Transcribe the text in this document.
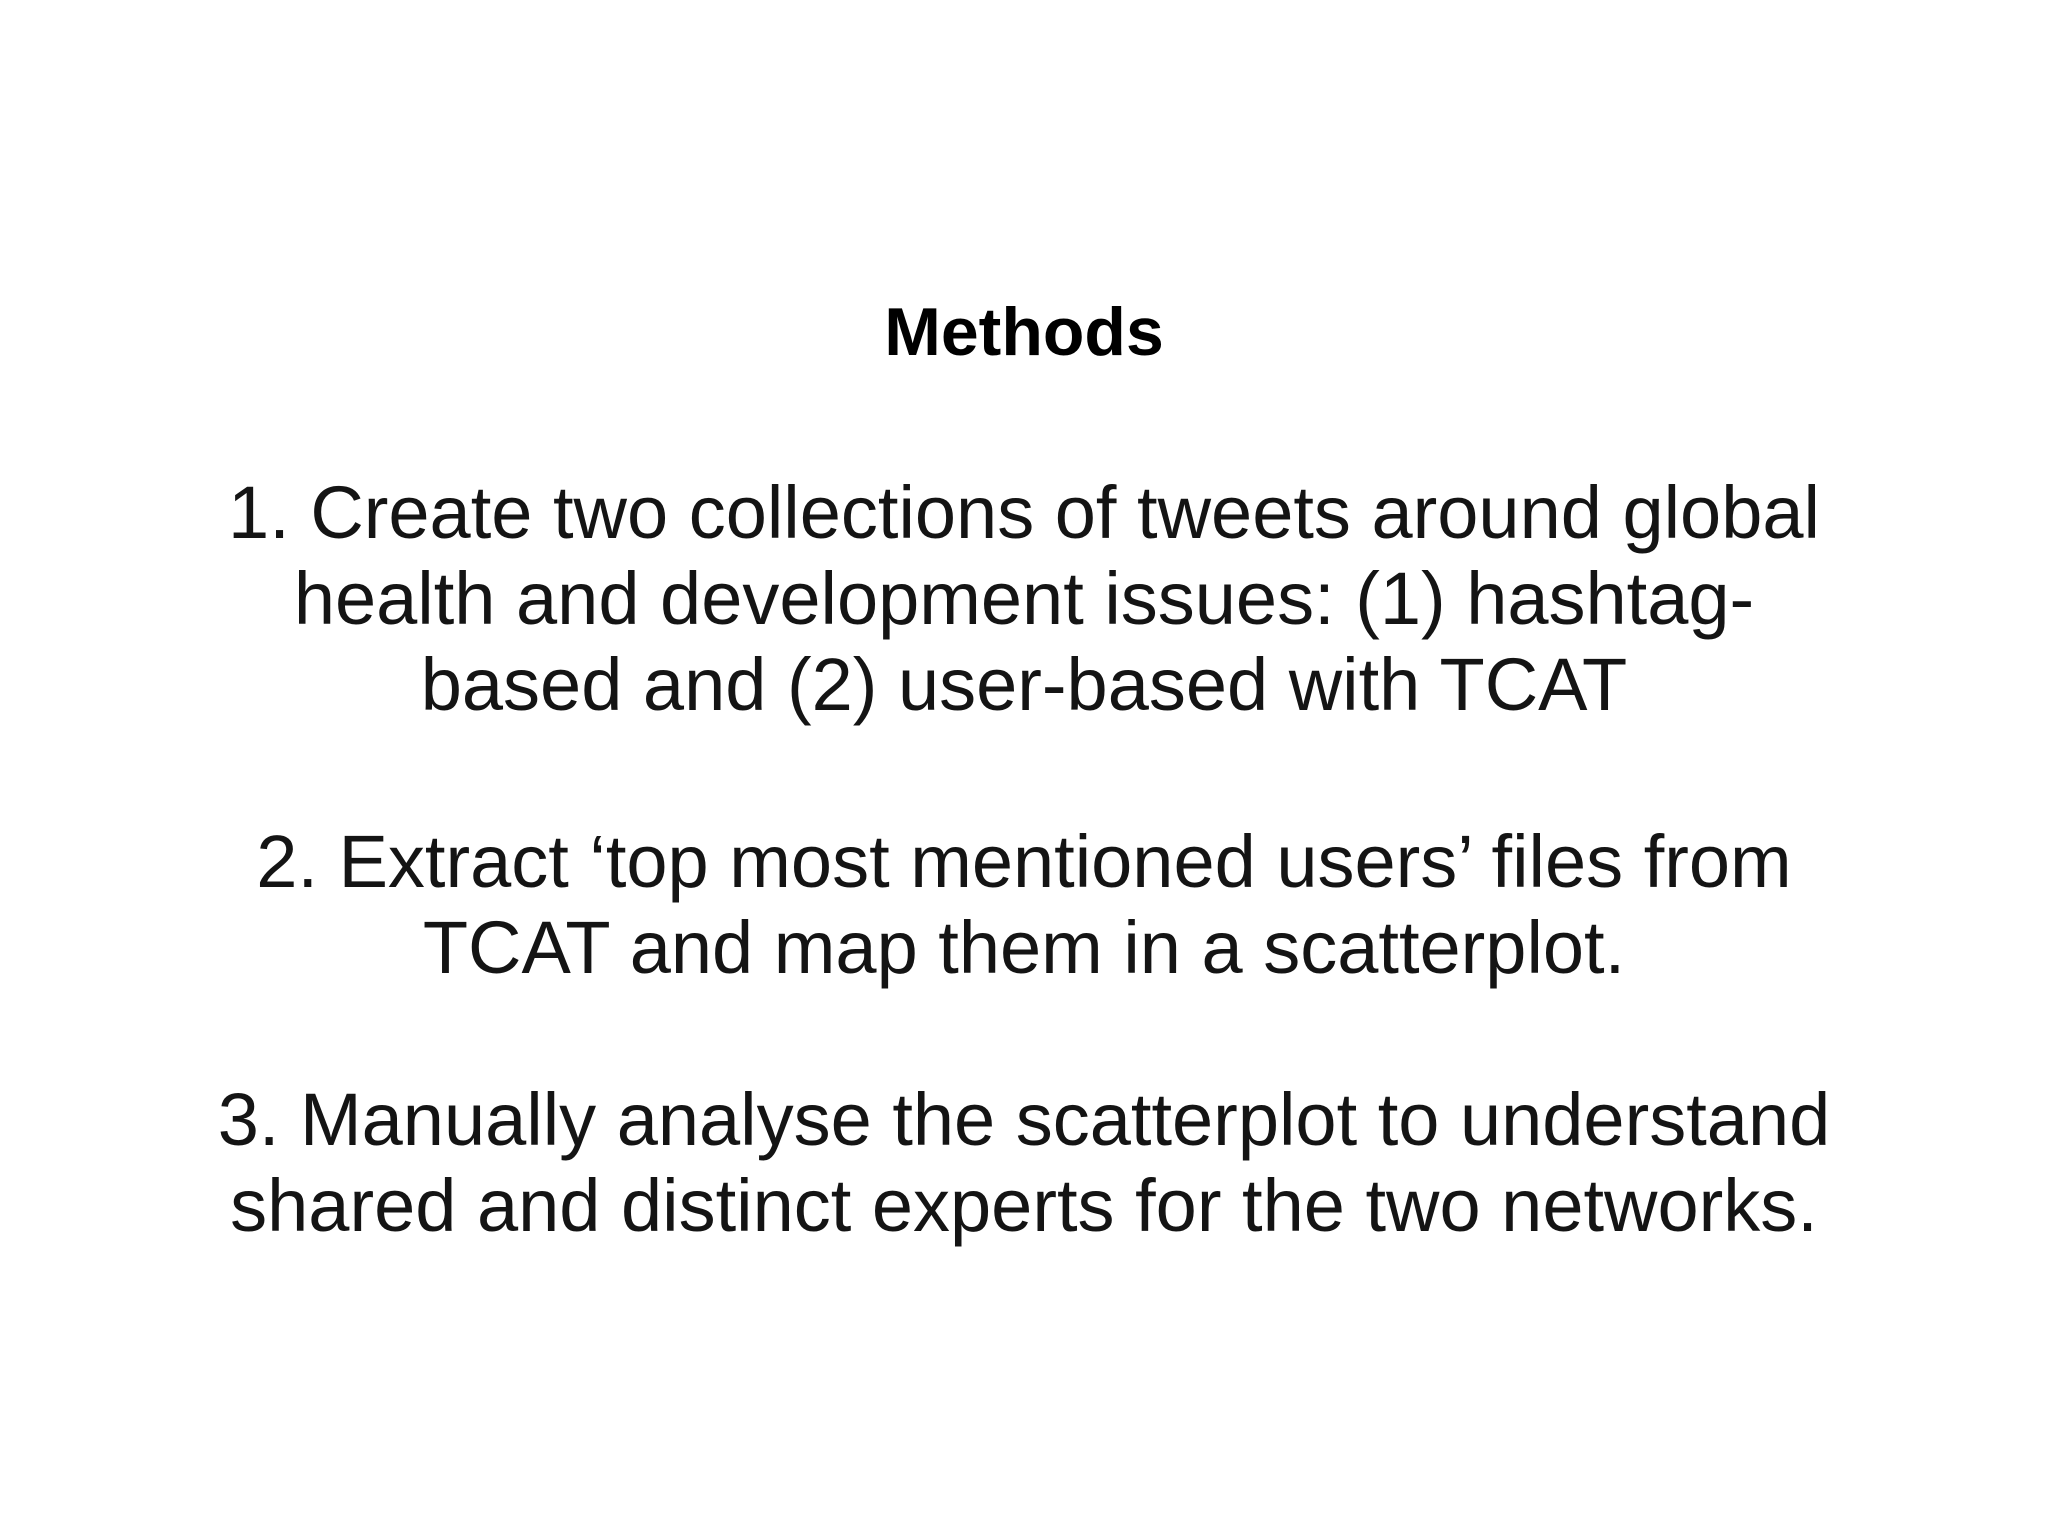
Methods
1. Create two collections of tweets around global
health and development issues: (1) hashtag-
based and (2) user-based with TCAT
2. Extract ‘top most mentioned users’ files from
TCAT and map them in a scatterplot.
3. Manually analyse the scatterplot to understand
shared and distinct experts for the two networks.
